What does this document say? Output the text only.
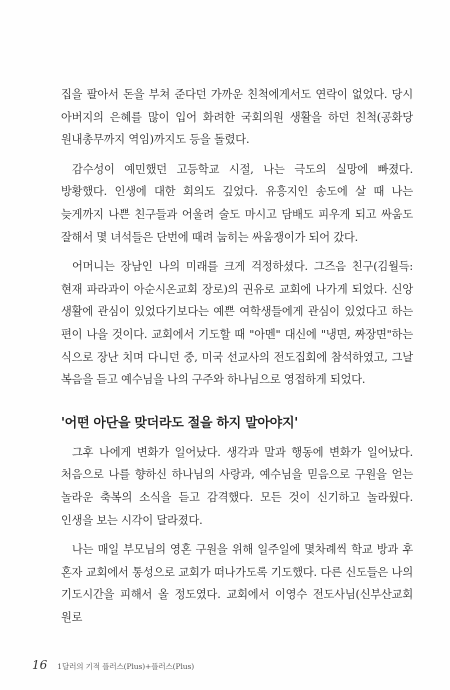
집을 팔아서 돈을 부쳐 준다던 가까운 친척에게서도 연락이 없었다. 당시 아버지의 은혜를 많이 입어 화려한 국회의원 생활을 하던 친척(공화당 원내총무까지 역임)까지도 등을 돌렸다.

감수성이 예민했던 고등학교 시절, 나는 극도의 실망에 빠졌다. 방황했다. 인생에 대한 회의도 깊었다. 유흥지인 송도에 살 때 나는 늦게까지 나쁜 친구들과 어울려 술도 마시고 담배도 피우게 되고 싸움도 잘해서 몇 녀석들은 단번에 때려 눕히는 싸움쟁이가 되어 갔다.

어머니는 장남인 나의 미래를 크게 걱정하셨다. 그즈음 친구(김월득:현재 파라과이 아순시온교회 장로)의 권유로 교회에 나가게 되었다. 신앙 생활에 관심이 있었다기보다는 예쁜 여학생들에게 관심이 있었다고 하는 편이 나을 것이다. 교회에서 기도할 때 "아멘" 대신에 "냉면, 짜장면"하는 식으로 장난 치며 다니던 중, 미국 선교사의 전도집회에 참석하였고, 그날 복음을 듣고 예수님을 나의 구주와 하나님으로 영접하게 되었다.

'어떤 아단을 맞더라도 절을 하지 말아야지'

그후 나에게 변화가 일어났다. 생각과 말과 행동에 변화가 일어났다. 처음으로 나를 향하신 하나님의 사랑과, 예수님을 믿음으로 구원을 얻는 놀라운 축복의 소식을 듣고 감격했다. 모든 것이 신기하고 놀라웠다. 인생을 보는 시각이 달라졌다.

나는 매일 부모님의 영혼 구원을 위해 일주일에 몇차례씩 학교 방과 후 혼자 교회에서 통성으로 교회가 떠나가도록 기도했다. 다른 신도들은 나의 기도시간을 피해서 올 정도였다. 교회에서 이영수 전도사님(신부산교회 원로

16 1달러의 기적 플러스(Plus)+플러스(Plus)
